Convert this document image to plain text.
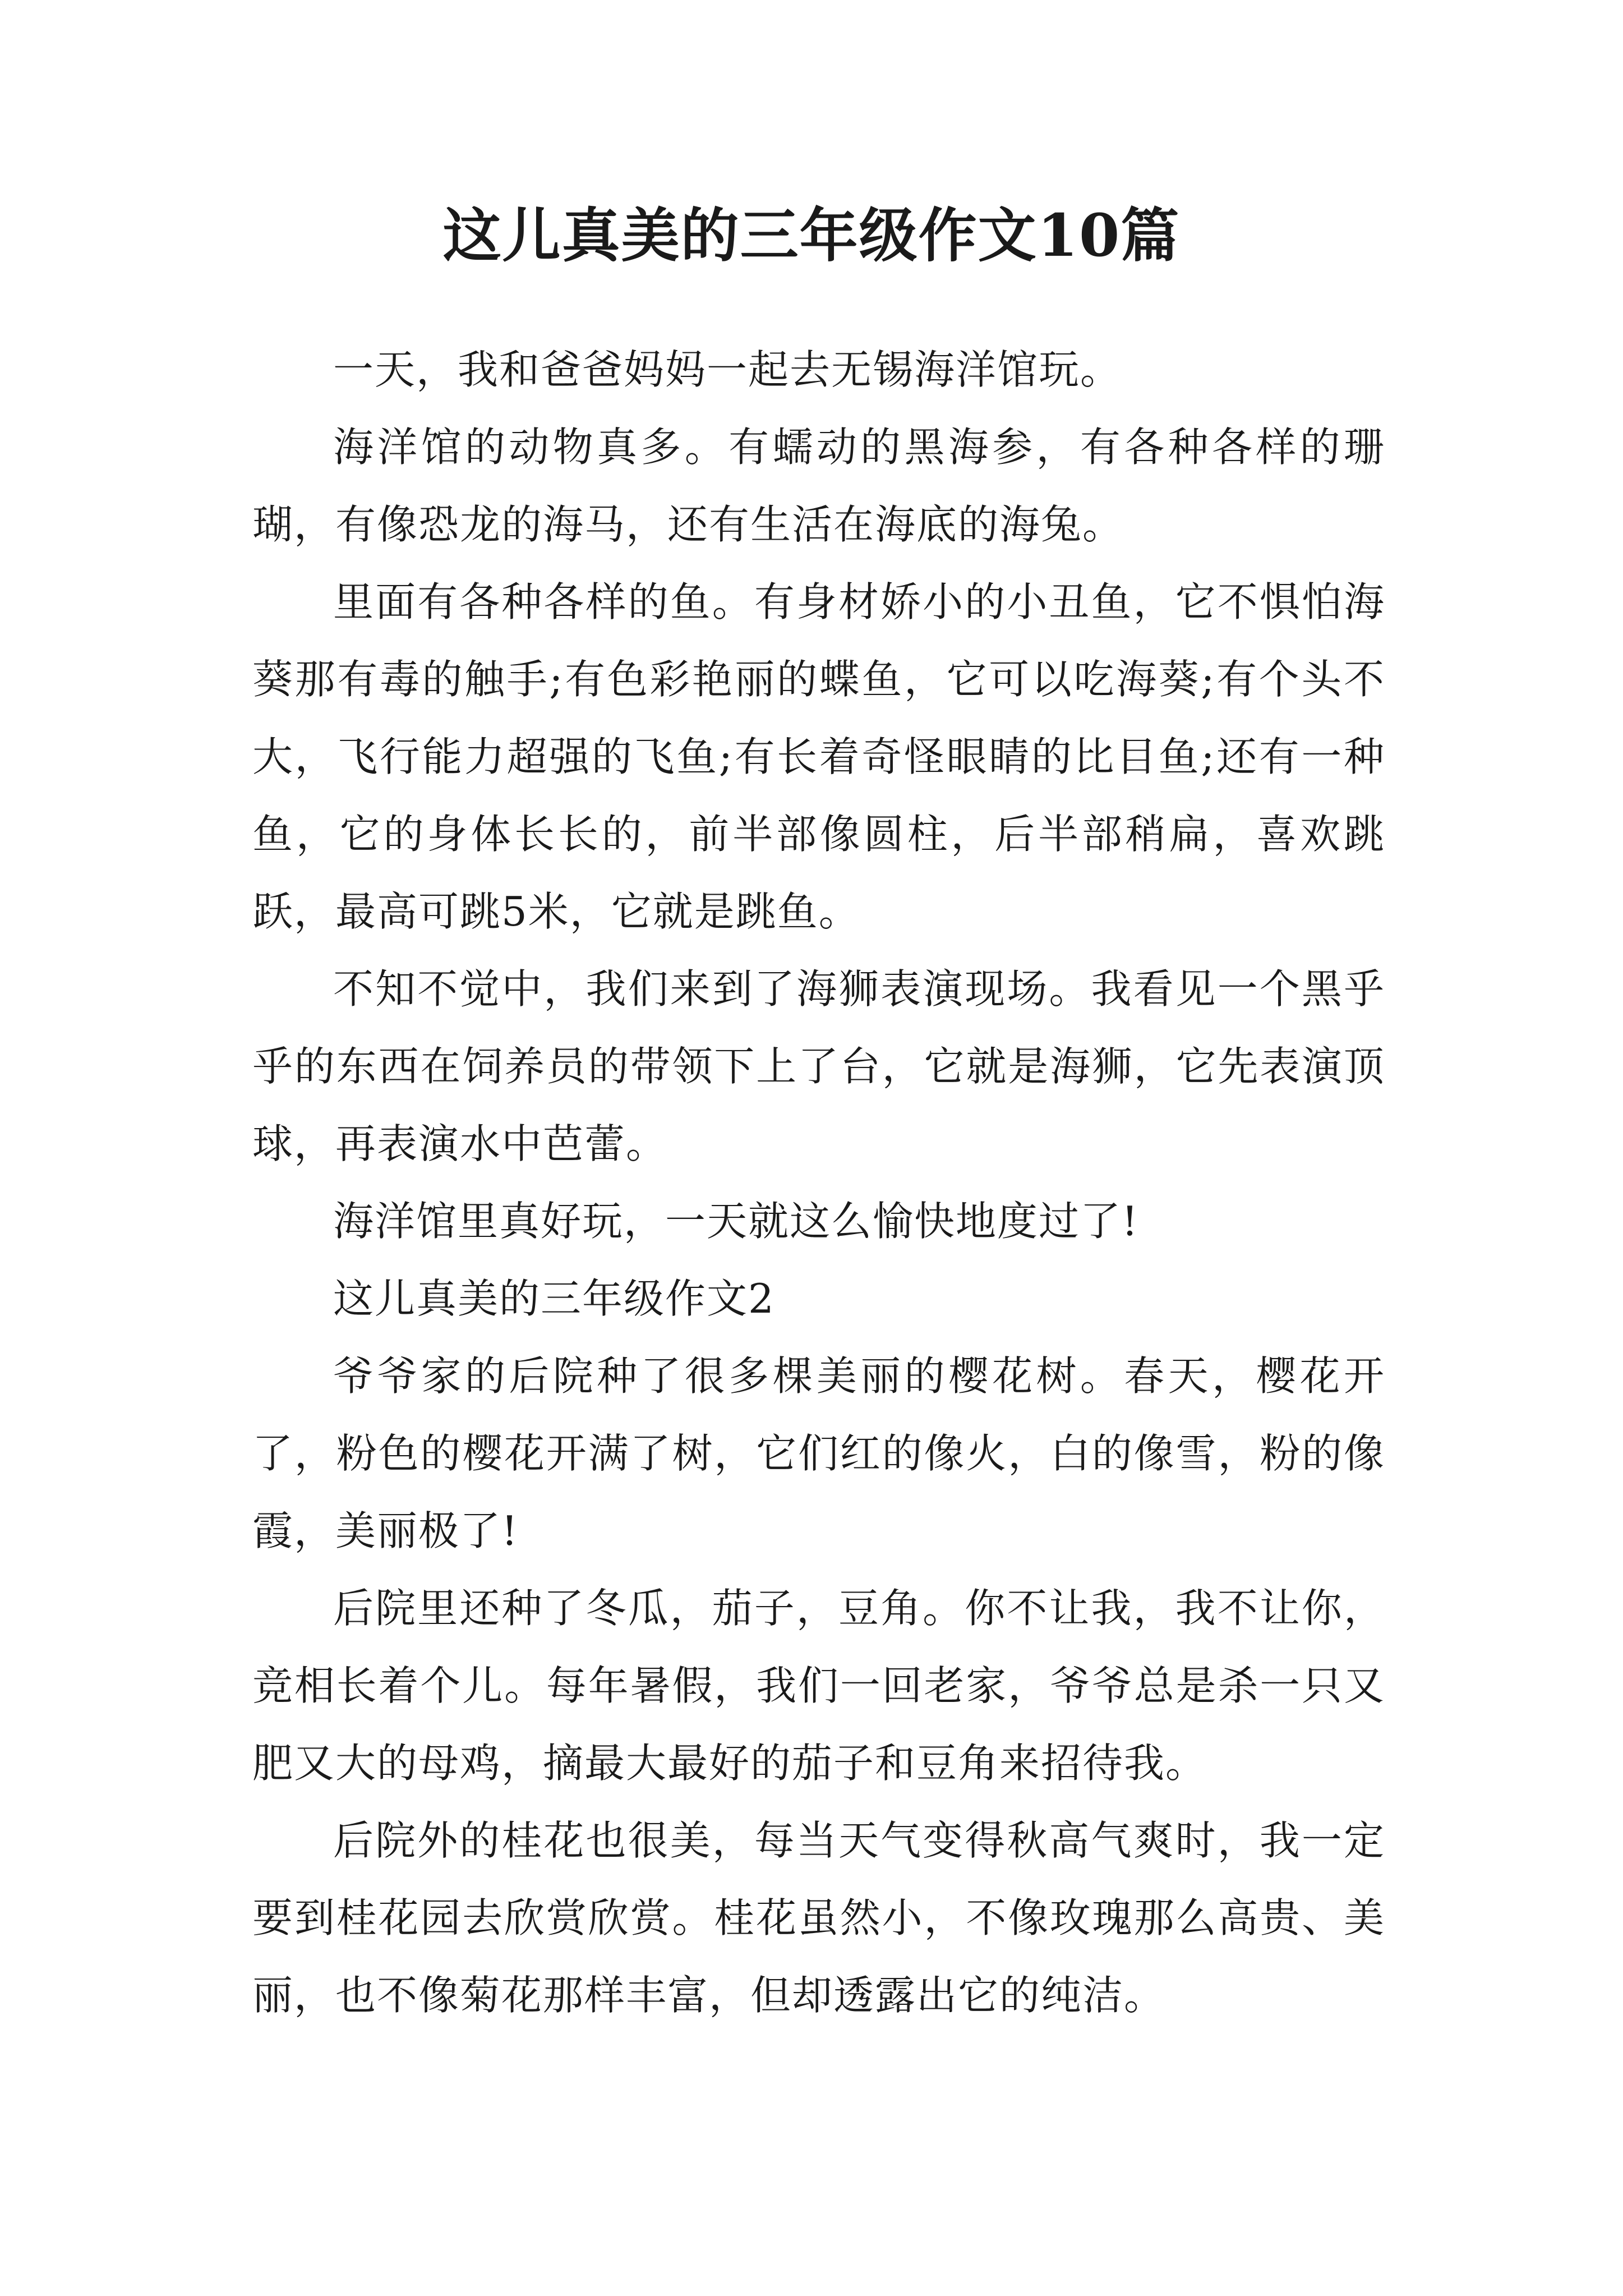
这儿真美的三年级作文10篇

一天，我和爸爸妈妈一起去无锡海洋馆玩。

海洋馆的动物真多。有蠕动的黑海参，有各种各样的珊瑚，有像恐龙的海马，还有生活在海底的海兔。

里面有各种各样的鱼。有身材娇小的小丑鱼，它不惧怕海葵那有毒的触手;有色彩艳丽的蝶鱼，它可以吃海葵;有个头不大，飞行能力超强的飞鱼;有长着奇怪眼睛的比目鱼;还有一种鱼，它的身体长长的，前半部像圆柱，后半部稍扁，喜欢跳跃，最高可跳5米，它就是跳鱼。

不知不觉中，我们来到了海狮表演现场。我看见一个黑乎乎的东西在饲养员的带领下上了台，它就是海狮，它先表演顶球，再表演水中芭蕾。

海洋馆里真好玩，一天就这么愉快地度过了!

这儿真美的三年级作文2

爷爷家的后院种了很多棵美丽的樱花树。春天，樱花开了，粉色的樱花开满了树，它们红的像火，白的像雪，粉的像霞，美丽极了!

后院里还种了冬瓜，茄子，豆角。你不让我，我不让你，竞相长着个儿。每年暑假，我们一回老家，爷爷总是杀一只又肥又大的母鸡，摘最大最好的茄子和豆角来招待我。

后院外的桂花也很美，每当天气变得秋高气爽时，我一定要到桂花园去欣赏欣赏。桂花虽然小，不像玫瑰那么高贵、美丽，也不像菊花那样丰富，但却透露出它的纯洁。
